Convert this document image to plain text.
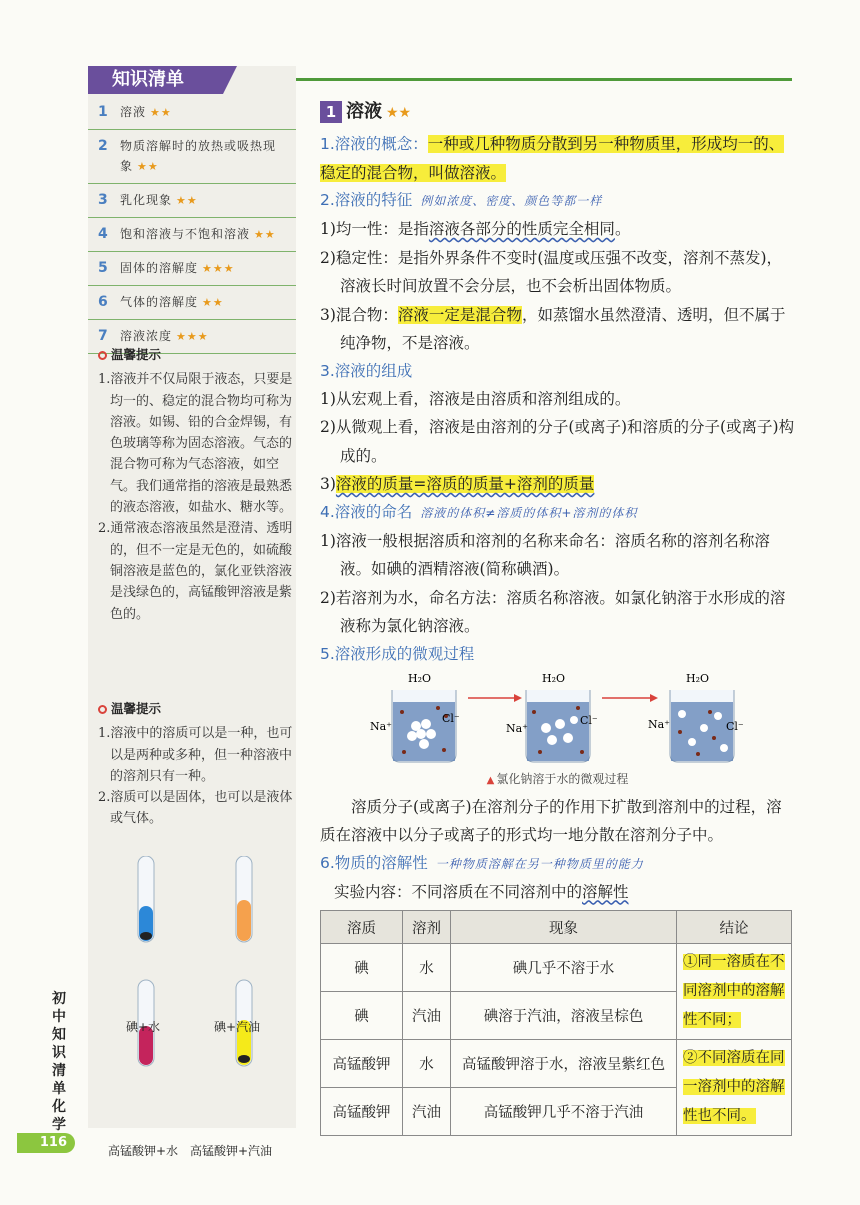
知识清单
1	溶液 ★★
2	物质溶解时的放热或吸热现象 ★★
3	乳化现象 ★★
4	饱和溶液与不饱和溶液 ★★
5	固体的溶解度 ★★★
6	气体的溶解度 ★★
7	溶液浓度 ★★★
温馨提示

1.溶液并不仅局限于液态，只要是均一的、稳定的混合物均可称为溶液。如锡、铅的合金焊锡，有色玻璃等称为固态溶液。气态的混合物可称为气态溶液，如空气。我们通常指的溶液是最熟悉的液态溶液，如盐水、糖水等。

2.通常液态溶液虽然是澄清、透明的，但不一定是无色的，如硫酸铜溶液是蓝色的，氯化亚铁溶液是浅绿色的，高锰酸钾溶液是紫色的。

温馨提示

1.溶液中的溶质可以是一种，也可以是两种或多种，但一种溶液中的溶剂只有一种。

2.溶质可以是固体，也可以是液体或气体。

碘+水	碘+汽油
高锰酸钾+水 高锰酸钾+汽油
初中知识清单 化学
116
1 溶液 ★★
1.溶液的概念：一种或几种物质分散到另一种物质里，形成均一的、稳定的混合物，叫做溶液。
2.溶液的特征 例如浓度、密度、颜色等都一样
1)均一性：是指溶液各部分的性质完全相同。
2)稳定性：是指外界条件不变时(温度或压强不改变，溶剂不蒸发)，溶液长时间放置不会分层，也不会析出固体物质。
3)混合物：溶液一定是混合物，如蒸馏水虽然澄清、透明，但不属于纯净物，不是溶液。
3.溶液的组成
1)从宏观上看，溶液是由溶质和溶剂组成的。
2)从微观上看，溶液是由溶剂的分子(或离子)和溶质的分子(或离子)构成的。
3)溶液的质量=溶质的质量+溶剂的质量
4.溶液的命名 溶液的体积≠溶质的体积+溶剂的体积
1)溶液一般根据溶质和溶剂的名称来命名：溶质名称的溶剂名称溶液。如碘的酒精溶液(简称碘酒)。
2)若溶剂为水，命名方法：溶质名称溶液。如氯化钠溶于水形成的溶液称为氯化钠溶液。
5.溶液形成的微观过程
H₂O	H₂O	H₂O
Na⁺	Na⁺	Na⁺
Cl⁻	Cl⁻	Cl⁻
▲ 氯化钠溶于水的微观过程
溶质分子(或离子)在溶剂分子的作用下扩散到溶剂中的过程，溶质在溶液中以分子或离子的形式均一地分散在溶剂分子中。
6.物质的溶解性 一种物质溶解在另一种物质里的能力
实验内容：不同溶质在不同溶剂中的溶解性
溶质	溶剂	现象	结论
碘	水	碘几乎不溶于水	①同一溶质在不同溶剂中的溶解性不同；
碘	汽油	碘溶于汽油，溶液呈棕色	
高锰酸钾	水	高锰酸钾溶于水，溶液呈紫红色	②不同溶质在同一溶剂中的溶解性也不同。
高锰酸钾	汽油	高锰酸钾几乎不溶于汽油	
